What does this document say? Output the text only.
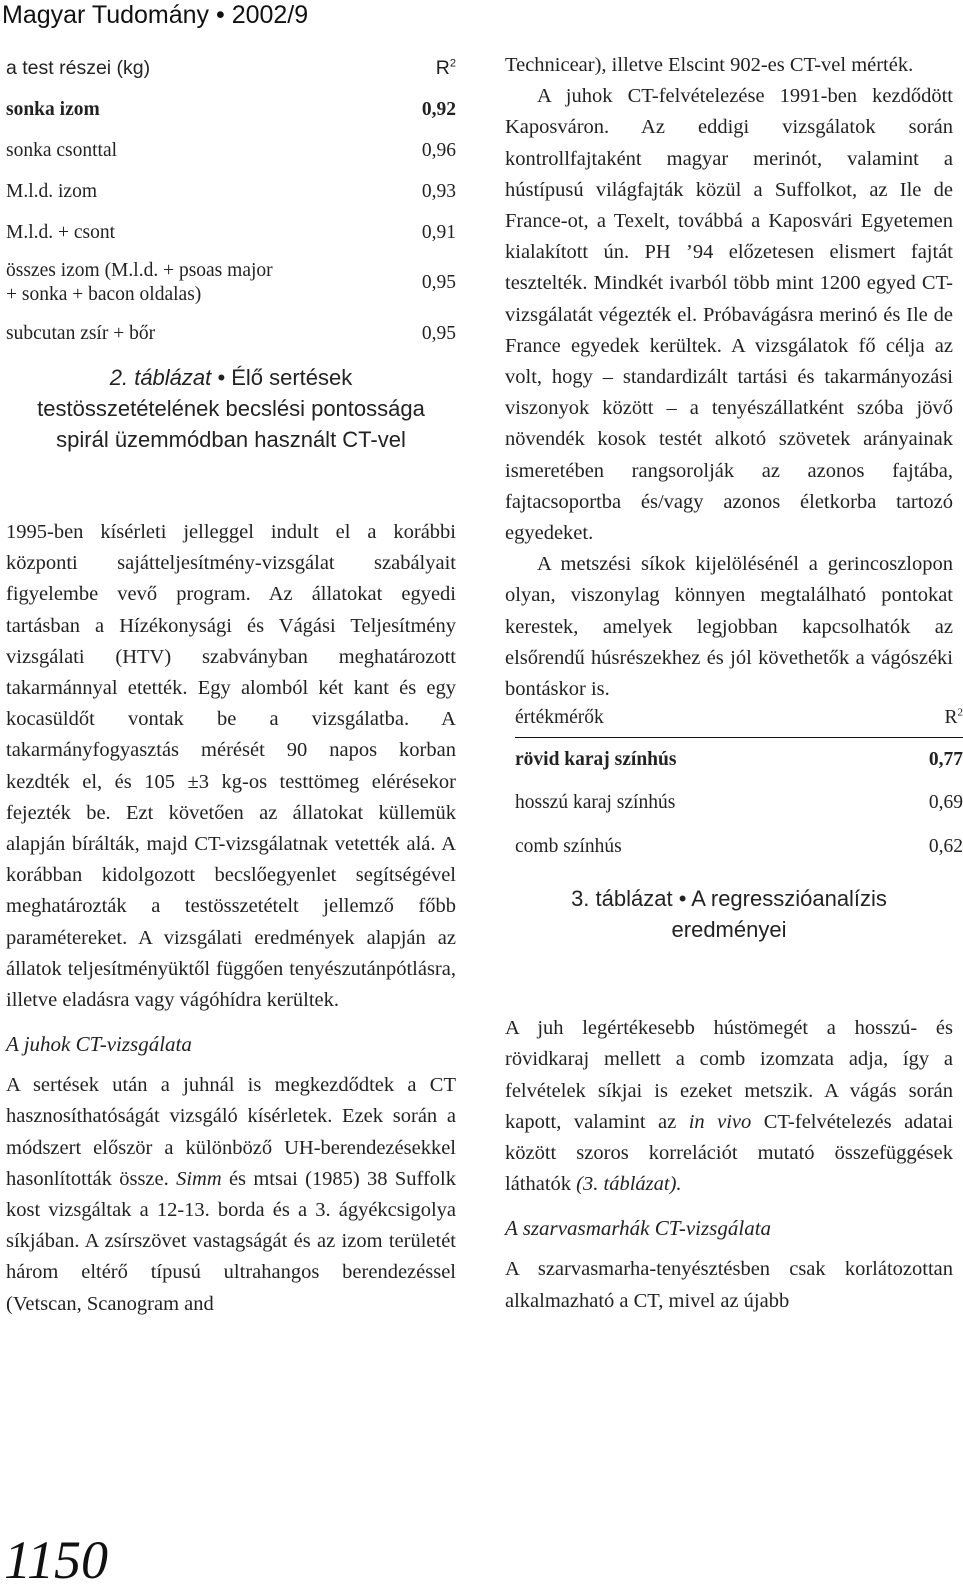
Magyar Tudomány • 2002/9
a test részei (kg)	$R^2$
sonka izom	0,92
sonka csonttal	0,96
M.l.d. izom	0,93
M.l.d. + csont	0,91
összes izom (M.l.d. + psoas major
+ sonka + bacon oldalas)	0,95
subcutan zsír + bőr	0,95
2. táblázat • Élő sertések testösszetételének becslési pontossága spirál üzemmódban használt CT-vel

1995-ben kísérleti jelleggel indult el a korábbi központi sajátteljesítmény-vizsgálat szabályait figyelembe vevő program. Az állatokat egyedi tartásban a Hízékonysági és Vágási Teljesítmény vizsgálati (HTV) szabványban meghatározott takarmánnyal etették. Egy alomból két kant és egy kocasüldőt vontak be a vizsgálatba. A takarmányfogyasztás mérését 90 napos korban kezdték el, és 105 ±3 kg-os testtömeg elérésekor fejezték be. Ezt követően az állatokat küllemük alapján bírálták, majd CT-vizsgálatnak vetették alá. A korábban kidolgozott becslőegyenlet segítségével meghatározták a testösszetételt jellemző főbb paramétereket. A vizsgálati eredmények alapján az állatok teljesítményüktől függően tenyészutánpótlásra, illetve eladásra vagy vágóhídra kerültek.

A juhok CT-vizsgálata

A sertések után a juhnál is megkezdődtek a CT hasznosíthatóságát vizsgáló kísérletek. Ezek során a módszert először a különböző UH-berendezésekkel hasonlították össze. Simm és mtsai (1985) 38 Suffolk kost vizsgáltak a 12-13. borda és a 3. ágyékcsigolya síkjában. A zsírszövet vastagságát és az izom területét három eltérő típusú ultrahangos berendezéssel (Vetscan, Scanogram and

Technicear), illetve Elscint 902-es CT-vel mérték.

A juhok CT-felvételezése 1991-ben kezdődött Kaposváron. Az eddigi vizsgálatok során kontrollfajtaként magyar merinót, valamint a hústípusú világfajták közül a Suffolkot, az Ile de France-ot, a Texelt, továbbá a Kaposvári Egyetemen kialakított ún. PH ’94 előzetesen elismert fajtát tesztelték. Mindkét ivarból több mint 1200 egyed CT-vizsgálatát végezték el. Próbavágásra merinó és Ile de France egyedek kerültek. A vizsgálatok fő célja az volt, hogy – standardizált tartási és takarmányozási viszonyok között – a tenyészállatként szóba jövő növendék kosok testét alkotó szövetek arányainak ismeretében rangsorolják az azonos fajtába, fajtacsoportba és/vagy azonos életkorba tartozó egyedeket.

A metszési síkok kijelölésénél a gerincoszlopon olyan, viszonylag könnyen megtalálható pontokat kerestek, amelyek legjobban kapcsolhatók az elsőrendű húsrészekhez és jól követhetők a vágószéki bontáskor is.

értékmérők	$R^2$
rövid karaj színhús	0,77
hosszú karaj színhús	0,69
comb színhús	0,62
3. táblázat • A regresszióanalízis eredményei

A juh legértékesebb hústömegét a hosszú- és rövidkaraj mellett a comb izomzata adja, így a felvételek síkjai is ezeket metszik. A vágás során kapott, valamint az in vivo CT-felvételezés adatai között szoros korrelációt mutató összefüggések láthatók (3. táblázat).

A szarvasmarhák CT-vizsgálata

A szarvasmarha-tenyésztésben csak korlátozottan alkalmazható a CT, mivel az újabb

1150
